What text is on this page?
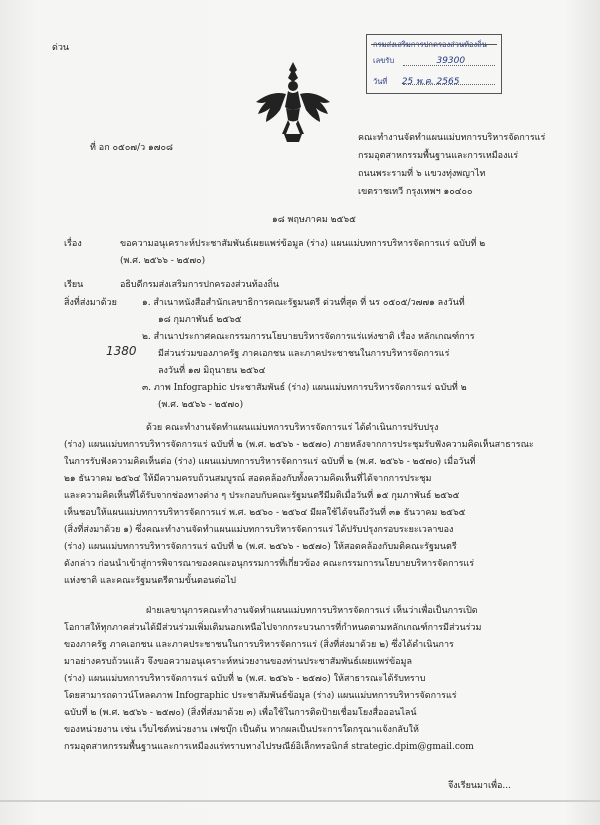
ด่วน
เลขรับ	39300
วันที่ 25 พ.ค. 2565
ที่ อก ๐๕๐๗/ว ๑๗๐๘
คณะทำงานจัดทำแผนแม่บทการบริหารจัดการแร่
กรมอุตสาหกรรมพื้นฐานและการเหมืองแร่
ถนนพระรามที่ ๖ แขวงทุ่งพญาไท
เขตราชเทวี กรุงเทพฯ ๑๐๔๐๐
๑๘ พฤษภาคม ๒๕๖๕
เรื่อง	ขอความอนุเคราะห์ประชาสัมพันธ์เผยแพร่ข้อมูล (ร่าง) แผนแม่บทการบริหารจัดการแร่ ฉบับที่ ๒
(พ.ศ. ๒๕๖๖ - ๒๕๗๐)
เรียน	อธิบดีกรมส่งเสริมการปกครองส่วนท้องถิ่น
สิ่งที่ส่งมาด้วย	๑. สำเนาหนังสือสำนักเลขาธิการคณะรัฐมนตรี ด่วนที่สุด ที่ นร ๐๕๐๕/ว๗๗๑ ลงวันที่
๑๘ กุมภาพันธ์ ๒๕๖๕
๒. สำเนาประกาศคณะกรรมการนโยบายบริหารจัดการแร่แห่งชาติ เรื่อง หลักเกณฑ์การ
มีส่วนร่วมของภาครัฐ ภาคเอกชน และภาคประชาชนในการบริหารจัดการแร่
ลงวันที่ ๑๗ มิถุนายน ๒๕๖๔
๓. ภาพ Infographic ประชาสัมพันธ์ (ร่าง) แผนแม่บทการบริหารจัดการแร่ ฉบับที่ ๒
(พ.ศ. ๒๕๖๖ - ๒๕๗๐)
1380
ด้วย คณะทำงานจัดทำแผนแม่บทการบริหารจัดการแร่ ได้ดำเนินการปรับปรุง
(ร่าง) แผนแม่บทการบริหารจัดการแร่ ฉบับที่ ๒ (พ.ศ. ๒๕๖๖ - ๒๕๗๐) ภายหลังจากการประชุมรับฟังความคิดเห็นสาธารณะ
ในการรับฟังความคิดเห็นต่อ (ร่าง) แผนแม่บทการบริหารจัดการแร่ ฉบับที่ ๒ (พ.ศ. ๒๕๖๖ - ๒๕๗๐) เมื่อวันที่
๒๑ ธันวาคม ๒๕๖๔ ให้มีความครบถ้วนสมบูรณ์ สอดคล้องกับทั้งความคิดเห็นที่ได้จากการประชุม
และความคิดเห็นที่ได้รับจากช่องทางต่าง ๆ ประกอบกับคณะรัฐมนตรีมีมติเมื่อวันที่ ๑๕ กุมภาพันธ์ ๒๕๖๕
เห็นชอบให้แผนแม่บทการบริหารจัดการแร่ พ.ศ. ๒๕๖๐ - ๒๕๖๔ มีผลใช้ได้จนถึงวันที่ ๓๑ ธันวาคม ๒๕๖๕
(สิ่งที่ส่งมาด้วย ๑) ซึ่งคณะทำงานจัดทำแผนแม่บทการบริหารจัดการแร่ ได้ปรับปรุงกรอบระยะเวลาของ
(ร่าง) แผนแม่บทการบริหารจัดการแร่ ฉบับที่ ๒ (พ.ศ. ๒๕๖๖ - ๒๕๗๐) ให้สอดคล้องกับมติคณะรัฐมนตรี
ดังกล่าว ก่อนนำเข้าสู่การพิจารณาของคณะอนุกรรมการที่เกี่ยวข้อง คณะกรรมการนโยบายบริหารจัดการแร่
แห่งชาติ และคณะรัฐมนตรีตามขั้นตอนต่อไป
ฝ่ายเลขานุการคณะทำงานจัดทำแผนแม่บทการบริหารจัดการแร่ เห็นว่าเพื่อเป็นการเปิด
โอกาสให้ทุกภาคส่วนได้มีส่วนร่วมเพิ่มเติมนอกเหนือไปจากกระบวนการที่กำหนดตามหลักเกณฑ์การมีส่วนร่วม
ของภาครัฐ ภาคเอกชน และภาคประชาชนในการบริหารจัดการแร่ (สิ่งที่ส่งมาด้วย ๒) ซึ่งได้ดำเนินการ
มาอย่างครบถ้วนแล้ว จึงขอความอนุเคราะห์หน่วยงานของท่านประชาสัมพันธ์เผยแพร่ข้อมูล
(ร่าง) แผนแม่บทการบริหารจัดการแร่ ฉบับที่ ๒ (พ.ศ. ๒๕๖๖ - ๒๕๗๐) ให้สาธารณะได้รับทราบ
โดยสามารถดาวน์โหลดภาพ Infographic ประชาสัมพันธ์ข้อมูล (ร่าง) แผนแม่บทการบริหารจัดการแร่
ฉบับที่ ๒ (พ.ศ. ๒๕๖๖ - ๒๕๗๐) (สิ่งที่ส่งมาด้วย ๓) เพื่อใช้ในการติดป้ายเชื่อมโยงสื่อออนไลน์
ของหน่วยงาน เช่น เว็บไซต์หน่วยงาน เฟซบุ๊ก เป็นต้น หากผลเป็นประการใดกรุณาแจ้งกลับให้
กรมอุตสาหกรรมพื้นฐานและการเหมืองแร่ทราบทางไปรษณีย์อิเล็กทรอนิกส์ strategic.dpim@gmail.com
จึงเรียนมาเพื่อ...
